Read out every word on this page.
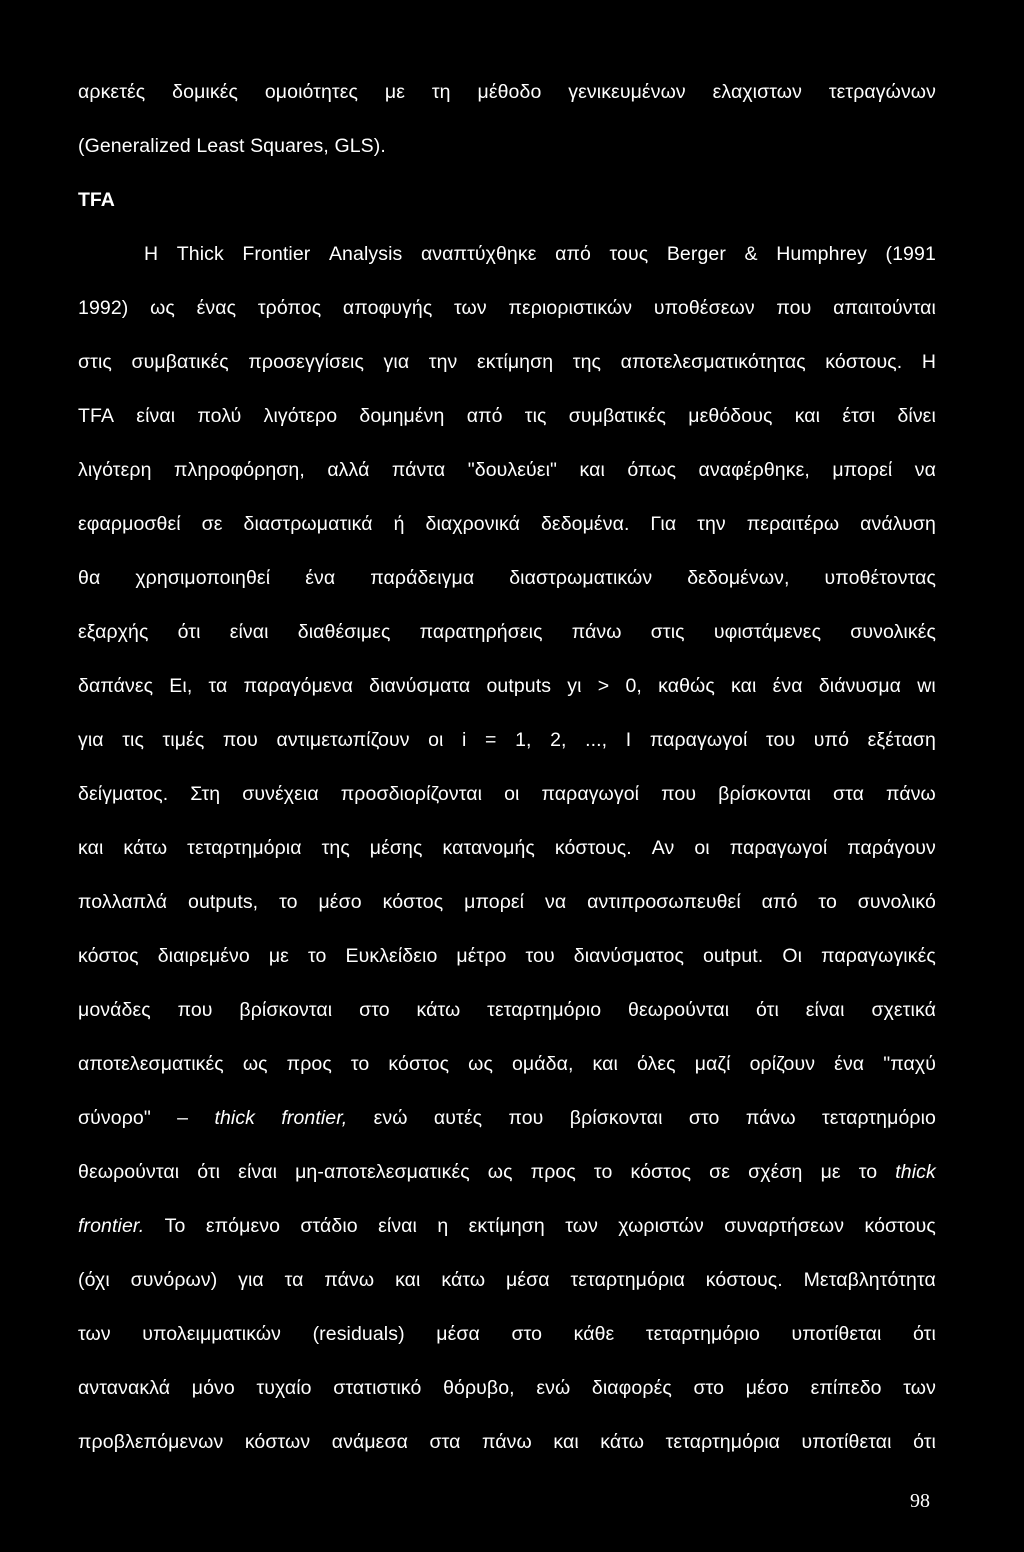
αρκετές δομικές ομοιότητες με τη μέθοδο γενικευμένων ελαχιστων τετραγώνων
(Generalized Least Squares, GLS).
Η Thick Frontier Analysis αναπτύχθηκε από τους Berger & Humphrey (1991
1992) ως ένας τρόπος αποφυγής των περιοριστικών υποθέσεων που απαιτούνται
στις συμβατικές προσεγγίσεις για την εκτίμηση της αποτελεσματικότητας κόστους. Η
TFA είναι πολύ λιγότερο δομημένη από τις συμβατικές μεθόδους και έτσι δίνει
λιγότερη πληροφόρηση, αλλά πάντα "δουλεύει" και όπως αναφέρθηκε, μπορεί να
εφαρμοσθεί σε διαστρωματικά ή διαχρονικά δεδομένα. Για την περαιτέρω ανάλυση
θα χρησιμοποιηθεί ένα παράδειγμα διαστρωματικών δεδομένων, υποθέτοντας
εξαρχής ότι είναι διαθέσιμες παρατηρήσεις πάνω στις υφιστάμενες συνολικές
δαπάνες Ει, τα παραγόμενα διανύσματα outputs yι > 0, καθώς και ένα διάνυσμα wι
για τις τιμές που αντιμετωπίζουν οι i = 1, 2, ..., I παραγωγοί του υπό εξέταση
δείγματος. Στη συνέχεια προσδιορίζονται οι παραγωγοί που βρίσκονται στα πάνω
και κάτω τεταρτημόρια της μέσης κατανομής κόστους. Αν οι παραγωγοί παράγουν
πολλαπλά outputs, το μέσο κόστος μπορεί να αντιπροσωπευθεί από το συνολικό
κόστος διαιρεμένο με το Ευκλείδειο μέτρο του διανύσματος output. Οι παραγωγικές
μονάδες που βρίσκονται στο κάτω τεταρτημόριο θεωρούνται ότι είναι σχετικά
αποτελεσματικές ως προς το κόστος ως ομάδα, και όλες μαζί ορίζουν ένα "παχύ
σύνορο" – thick frontier, ενώ αυτές που βρίσκονται στο πάνω τεταρτημόριο
θεωρούνται ότι είναι μη-αποτελεσματικές ως προς το κόστος σε σχέση με το thick
frontier. Το επόμενο στάδιο είναι η εκτίμηση των χωριστών συναρτήσεων κόστους
(όχι συνόρων) για τα πάνω και κάτω μέσα τεταρτημόρια κόστους. Μεταβλητότητα
των υπολειμματικών (residuals) μέσα στο κάθε τεταρτημόριο υποτίθεται ότι
αντανακλά μόνο τυχαίο στατιστικό θόρυβο, ενώ διαφορές στο μέσο επίπεδο των
προβλεπόμενων κόστων ανάμεσα στα πάνω και κάτω τεταρτημόρια υποτίθεται ότι
TFA
98
